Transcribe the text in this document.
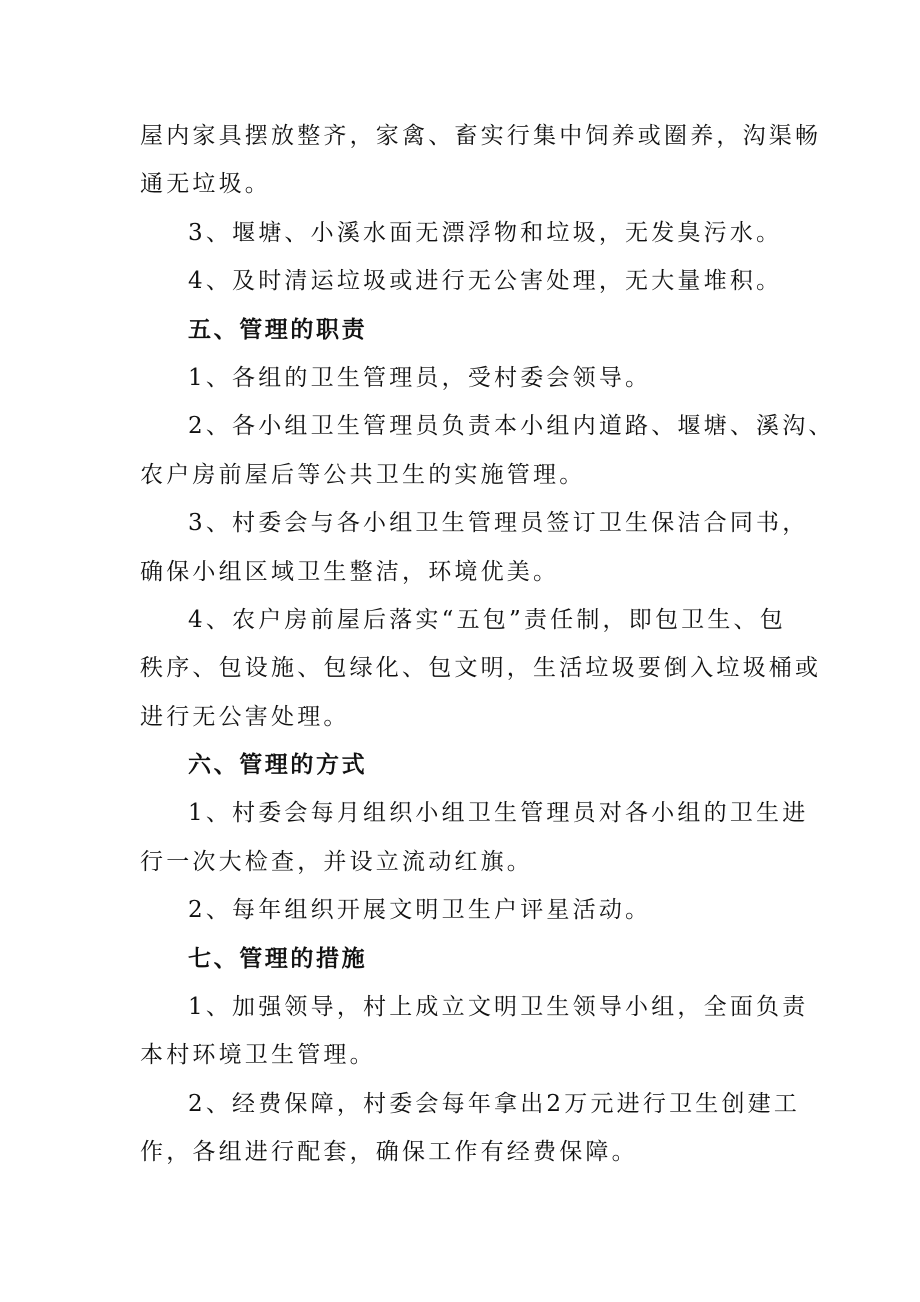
屋内家具摆放整齐，家禽、畜实行集中饲养或圈养，沟渠畅
通无垃圾。
3、堰塘、小溪水面无漂浮物和垃圾，无发臭污水。
4、及时清运垃圾或进行无公害处理，无大量堆积。
五、管理的职责
1、各组的卫生管理员，受村委会领导。
2、各小组卫生管理员负责本小组内道路、堰塘、溪沟、
农户房前屋后等公共卫生的实施管理。
3、村委会与各小组卫生管理员签订卫生保洁合同书，
确保小组区域卫生整洁，环境优美。
4、农户房前屋后落实“五包”责任制，即包卫生、包
秩序、包设施、包绿化、包文明，生活垃圾要倒入垃圾桶或
进行无公害处理。
六、管理的方式
1、村委会每月组织小组卫生管理员对各小组的卫生进
行一次大检查，并设立流动红旗。
2、每年组织开展文明卫生户评星活动。
七、管理的措施
1、加强领导，村上成立文明卫生领导小组，全面负责
本村环境卫生管理。
2、经费保障，村委会每年拿出2万元进行卫生创建工
作，各组进行配套，确保工作有经费保障。
